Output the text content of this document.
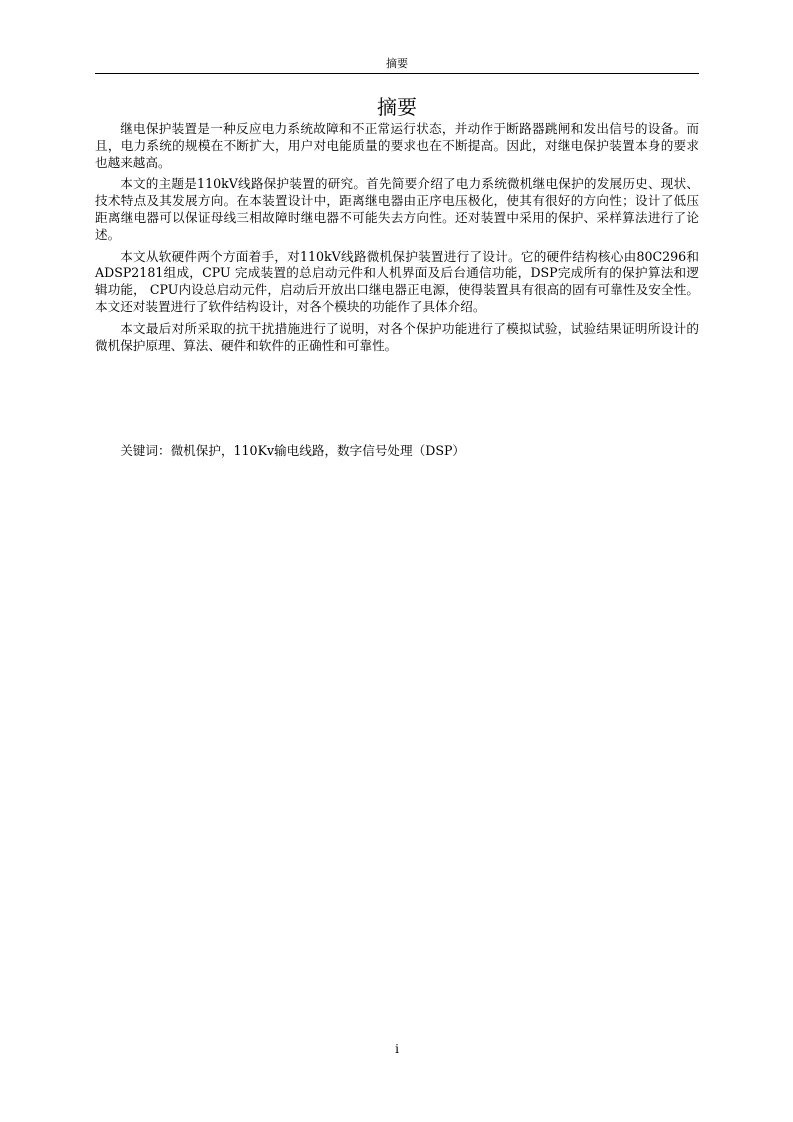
摘要
摘要

继电保护装置是一种反应电力系统故障和不正常运行状态，并动作于断路器跳闸和发出信号的设备。而且，电力系统的规模在不断扩大，用户对电能质量的要求也在不断提高。因此，对继电保护装置本身的要求也越来越高。

本文的主题是110kV线路保护装置的研究。首先简要介绍了电力系统微机继电保护的发展历史、现状、技术特点及其发展方向。在本装置设计中，距离继电器由正序电压极化，使其有很好的方向性；设计了低压距离继电器可以保证母线三相故障时继电器不可能失去方向性。还对装置中采用的保护、采样算法进行了论述。

本文从软硬件两个方面着手，对110kV线路微机保护装置进行了设计。它的硬件结构核心由80C296和ADSP2181组成，CPU 完成装置的总启动元件和人机界面及后台通信功能，DSP完成所有的保护算法和逻辑功能， CPU内设总启动元件，启动后开放出口继电器正电源，使得装置具有很高的固有可靠性及安全性。本文还对装置进行了软件结构设计，对各个模块的功能作了具体介绍。

本文最后对所采取的抗干扰措施进行了说明，对各个保护功能进行了模拟试验，试验结果证明所设计的微机保护原理、算法、硬件和软件的正确性和可靠性。

关键词：微机保护，110Kv输电线路，数字信号处理（DSP）
i
